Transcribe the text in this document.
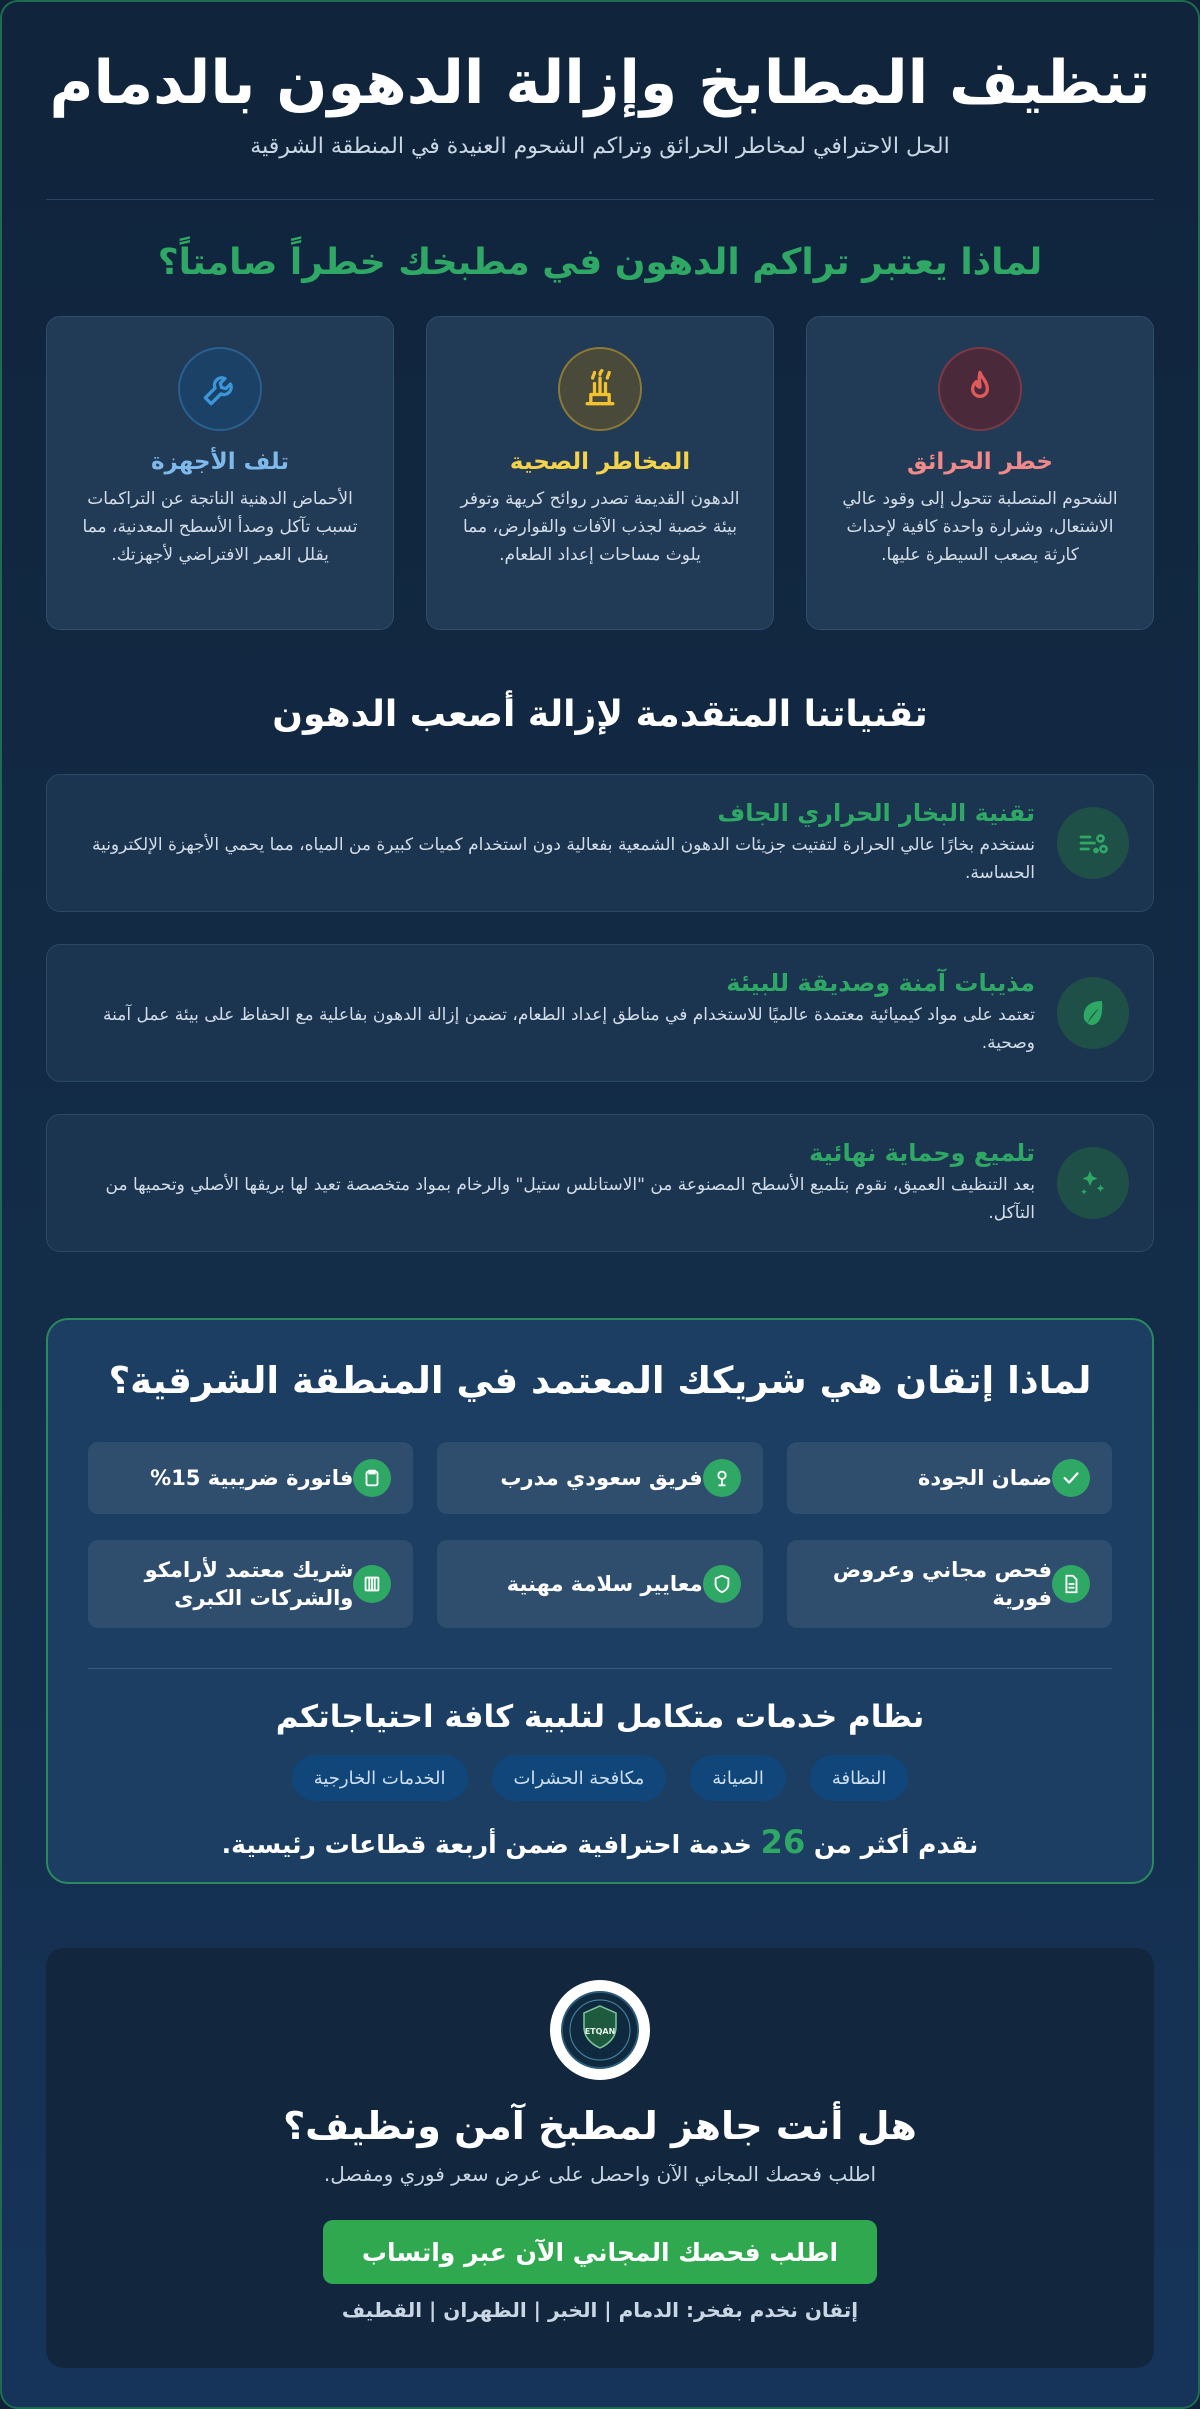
تنظيف المطابخ وإزالة الدهون بالدمام

الحل الاحترافي لمخاطر الحرائق وتراكم الشحوم العنيدة في المنطقة الشرقية

لماذا يعتبر تراكم الدهون في مطبخك خطراً صامتاً؟
خطر الحرائق

الشحوم المتصلبة تتحول إلى وقود عالي الاشتعال، وشرارة واحدة كافية لإحداث كارثة يصعب السيطرة عليها.

المخاطر الصحية

الدهون القديمة تصدر روائح كريهة وتوفر بيئة خصبة لجذب الآفات والقوارض، مما يلوث مساحات إعداد الطعام.

تلف الأجهزة

الأحماض الدهنية الناتجة عن التراكمات تسبب تآكل وصدأ الأسطح المعدنية، مما يقلل العمر الافتراضي لأجهزتك.

تقنياتنا المتقدمة لإزالة أصعب الدهون
تقنية البخار الحراري الجاف

نستخدم بخارًا عالي الحرارة لتفتيت جزيئات الدهون الشمعية بفعالية دون استخدام كميات كبيرة من المياه، مما يحمي الأجهزة الإلكترونية الحساسة.

مذيبات آمنة وصديقة للبيئة

تعتمد على مواد كيميائية معتمدة عالميًا للاستخدام في مناطق إعداد الطعام، تضمن إزالة الدهون بفاعلية مع الحفاظ على بيئة عمل آمنة وصحية.

تلميع وحماية نهائية

بعد التنظيف العميق، نقوم بتلميع الأسطح المصنوعة من "الاستانلس ستيل" والرخام بمواد متخصصة تعيد لها بريقها الأصلي وتحميها من التآكل.

لماذا إتقان هي شريكك المعتمد في المنطقة الشرقية؟
ضمان الجودة
فريق سعودي مدرب
فاتورة ضريبية 15%
فحص مجاني وعروض فورية
معايير سلامة مهنية
شريك معتمد لأرامكو والشركات الكبرى
نظام خدمات متكامل لتلبية كافة احتياجاتكم
النظافة
الصيانة
مكافحة الحشرات
الخدمات الخارجية

نقدم أكثر من 26 خدمة احترافية ضمن أربعة قطاعات رئيسية.

ETQAN
هل أنت جاهز لمطبخ آمن ونظيف؟

اطلب فحصك المجاني الآن واحصل على عرض سعر فوري ومفصل.

اطلب فحصك المجاني الآن عبر واتساب

إتقان نخدم بفخر: الدمام | الخبر | الظهران | القطيف
